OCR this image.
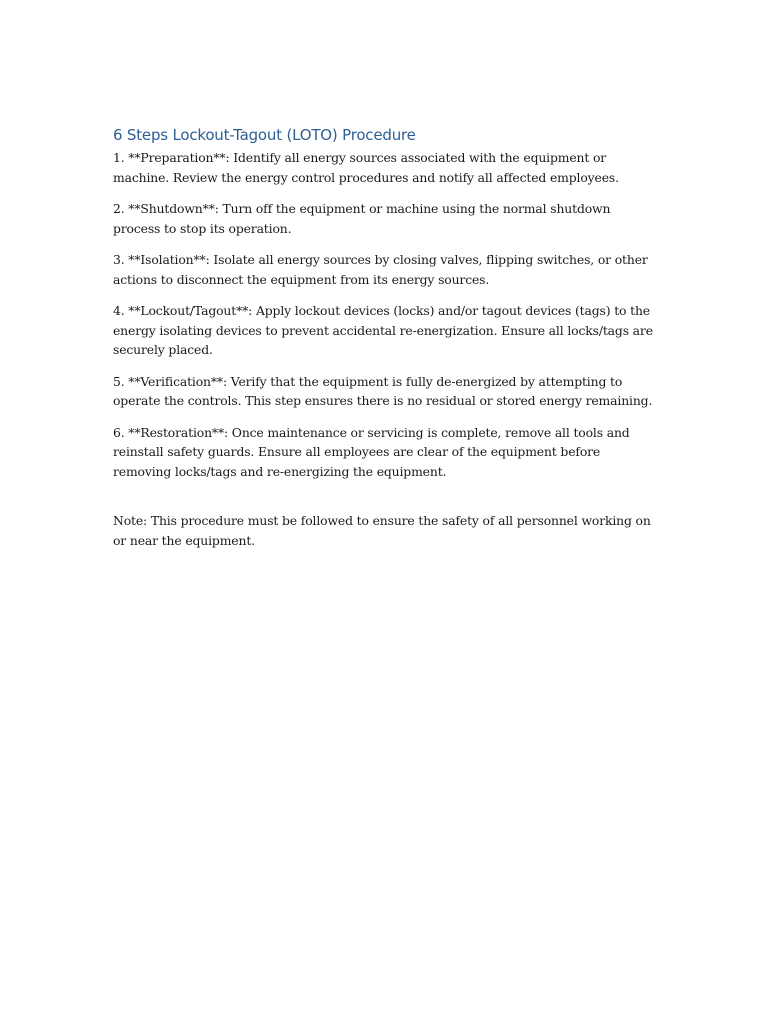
6 Steps Lockout-Tagout (LOTO) Procedure

1. **Preparation**: Identify all energy sources associated with the equipment or machine. Review the energy control procedures and notify all affected employees.

2. **Shutdown**: Turn off the equipment or machine using the normal shutdown process to stop its operation.

3. **Isolation**: Isolate all energy sources by closing valves, flipping switches, or other actions to disconnect the equipment from its energy sources.

4. **Lockout/Tagout**: Apply lockout devices (locks) and/or tagout devices (tags) to the energy isolating devices to prevent accidental re-energization. Ensure all locks/tags are securely placed.

5. **Verification**: Verify that the equipment is fully de-energized by attempting to operate the controls. This step ensures there is no residual or stored energy remaining.

6. **Restoration**: Once maintenance or servicing is complete, remove all tools and reinstall safety guards. Ensure all employees are clear of the equipment before removing locks/tags and re-energizing the equipment.

Note: This procedure must be followed to ensure the safety of all personnel working on or near the equipment.
